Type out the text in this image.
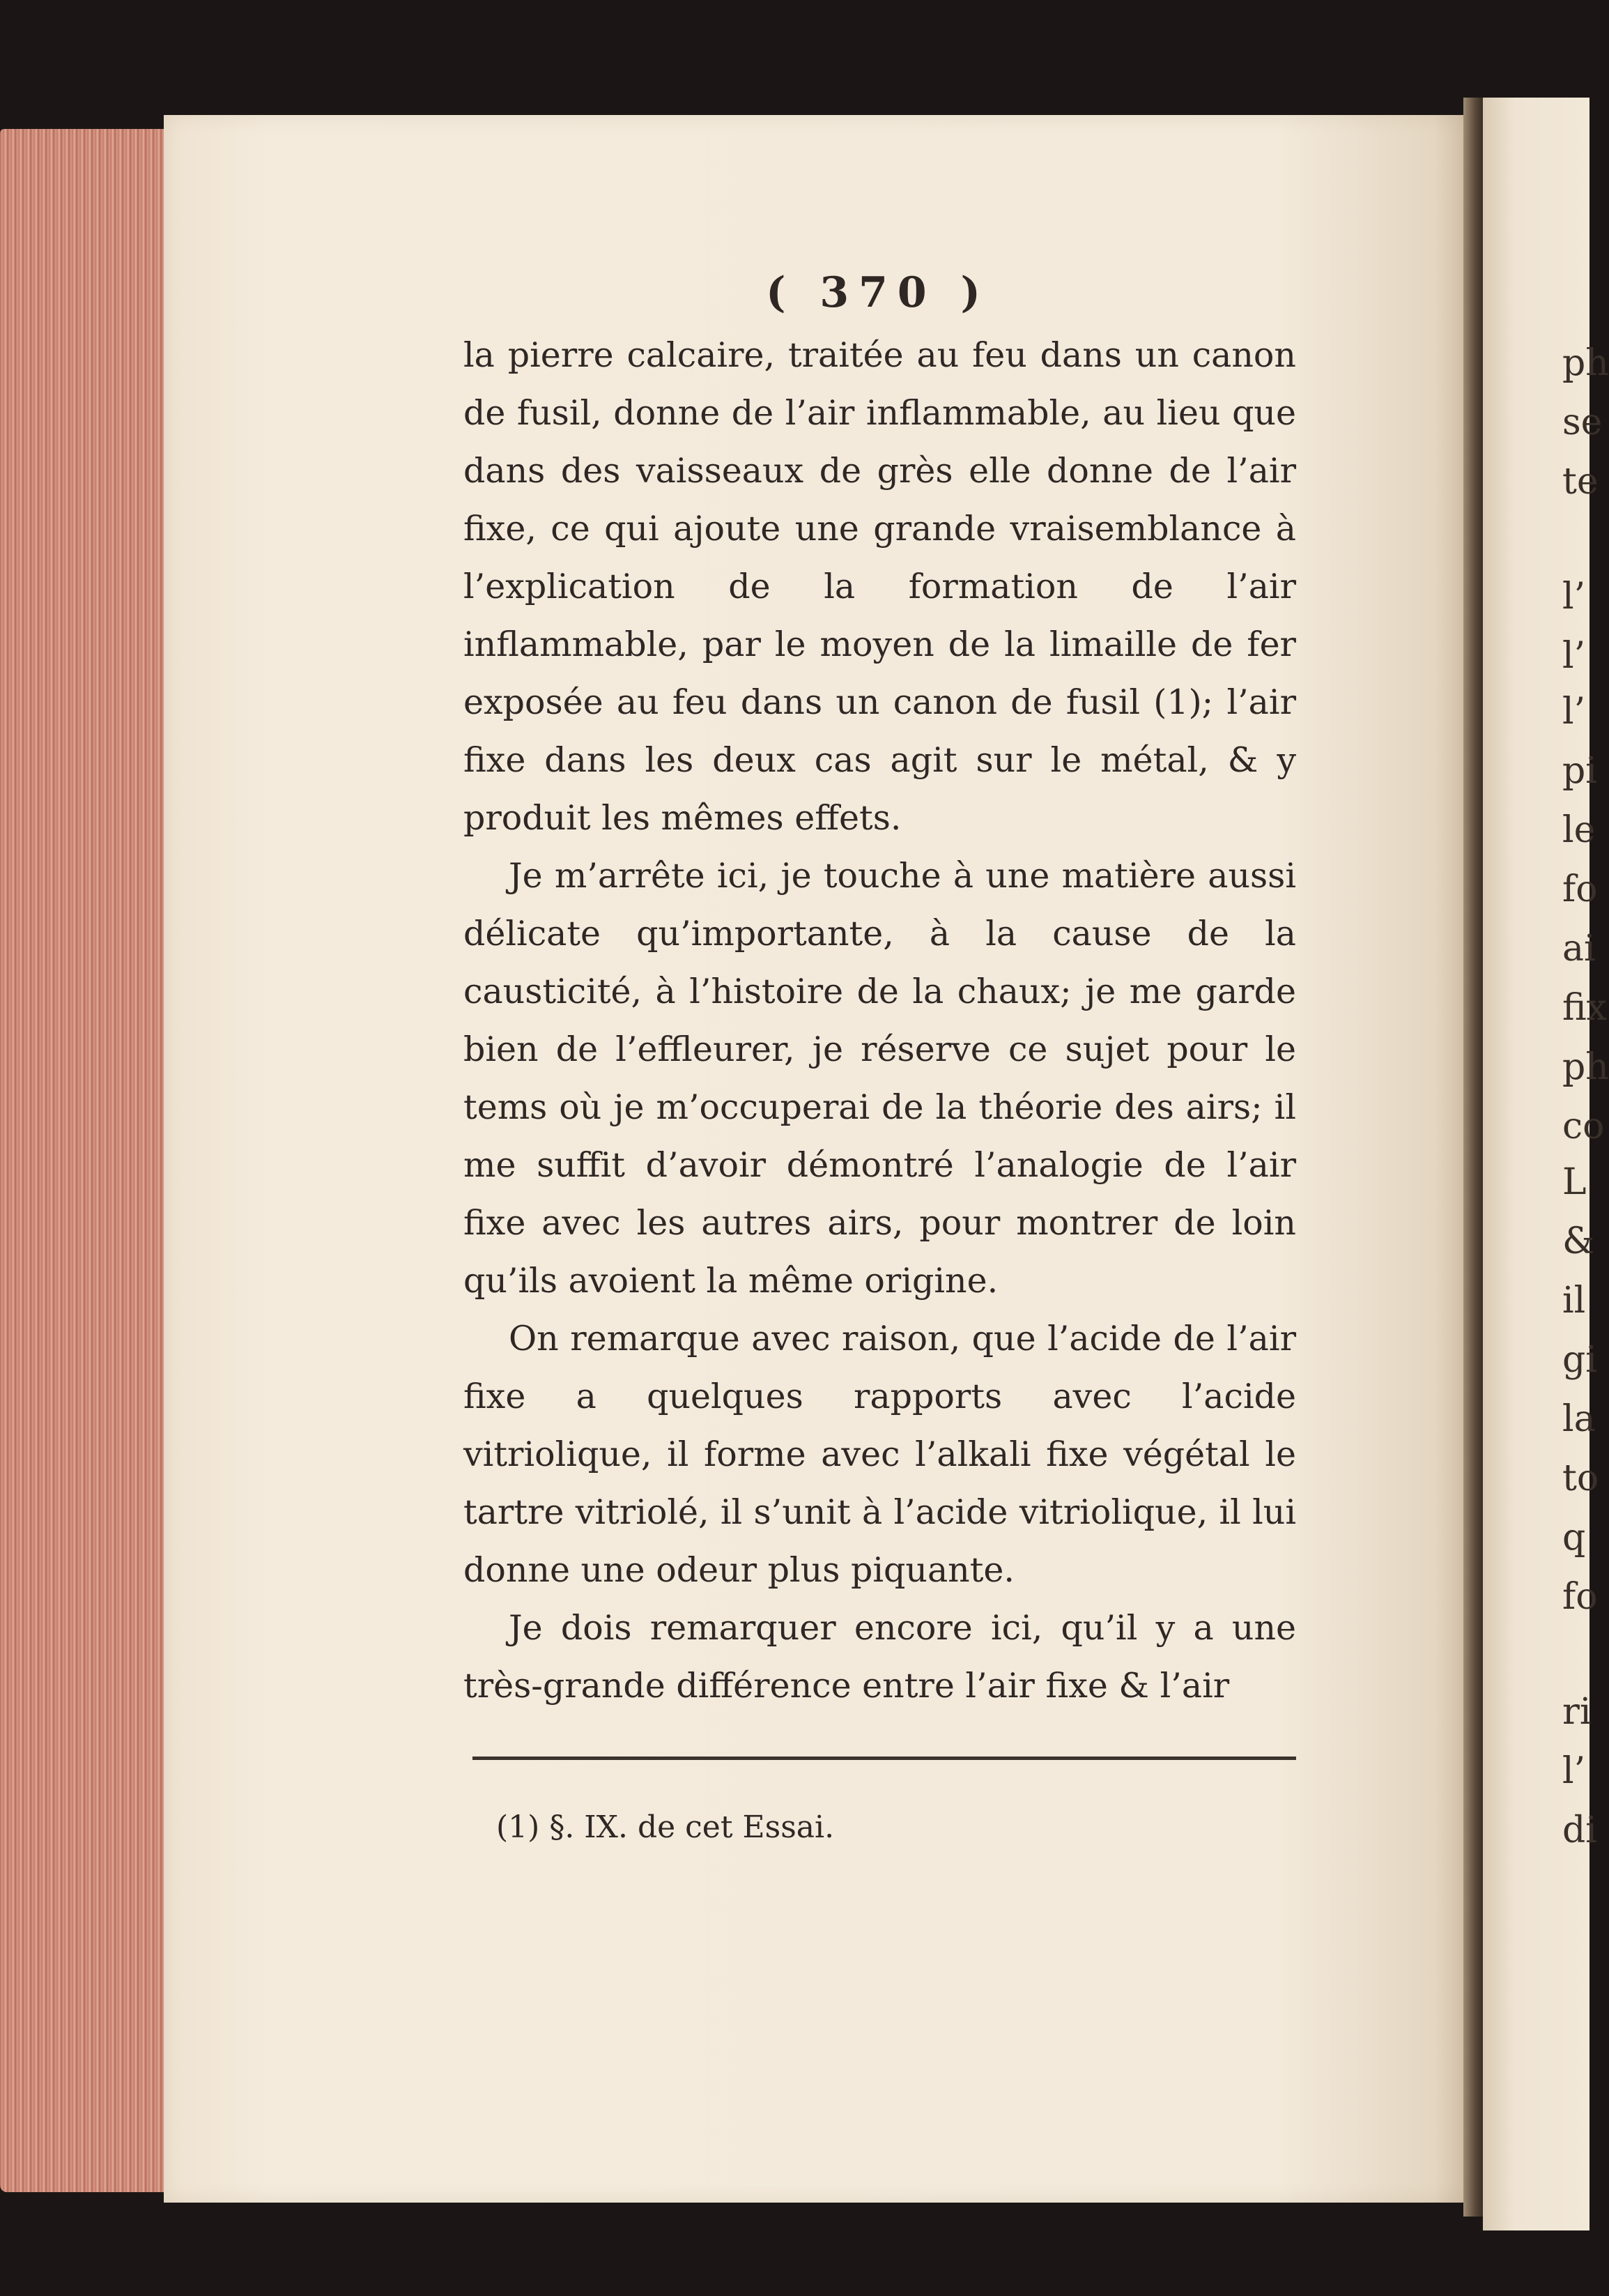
ph
se
te
l’
l’
l’
pi
le
fo
ai
fix
ph
co
L
&
il
gi
la
to
q
fo
ri
l’
di
( 370 )

la pierre calcaire, traitée au feu dans un canon de fusil, donne de l’air inflammable, au lieu que dans des vaisseaux de grès elle donne de l’air fixe, ce qui ajoute une grande vraisemblance à l’explication de la formation de l’air inflammable, par le moyen de la limaille de fer exposée au feu dans un canon de fusil (1); l’air fixe dans les deux cas agit sur le métal, & y produit les mêmes effets.

Je m’arrête ici, je touche à une matière aussi délicate qu’importante, à la cause de la causticité, à l’histoire de la chaux; je me garde bien de l’effleurer, je réserve ce sujet pour le tems où je m’occuperai de la théorie des airs; il me suffit d’avoir démontré l’analogie de l’air fixe avec les autres airs, pour montrer de loin qu’ils avoient la même origine.

On remarque avec raison, que l’acide de l’air fixe a quelques rapports avec l’acide vitriolique, il forme avec l’alkali fixe végétal le tartre vitriolé, il s’unit à l’acide vitriolique, il lui donne une odeur plus piquante.

Je dois remarquer encore ici, qu’il y a une très-grande différence entre l’air fixe & l’air

(1) §. IX. de cet Essai.
